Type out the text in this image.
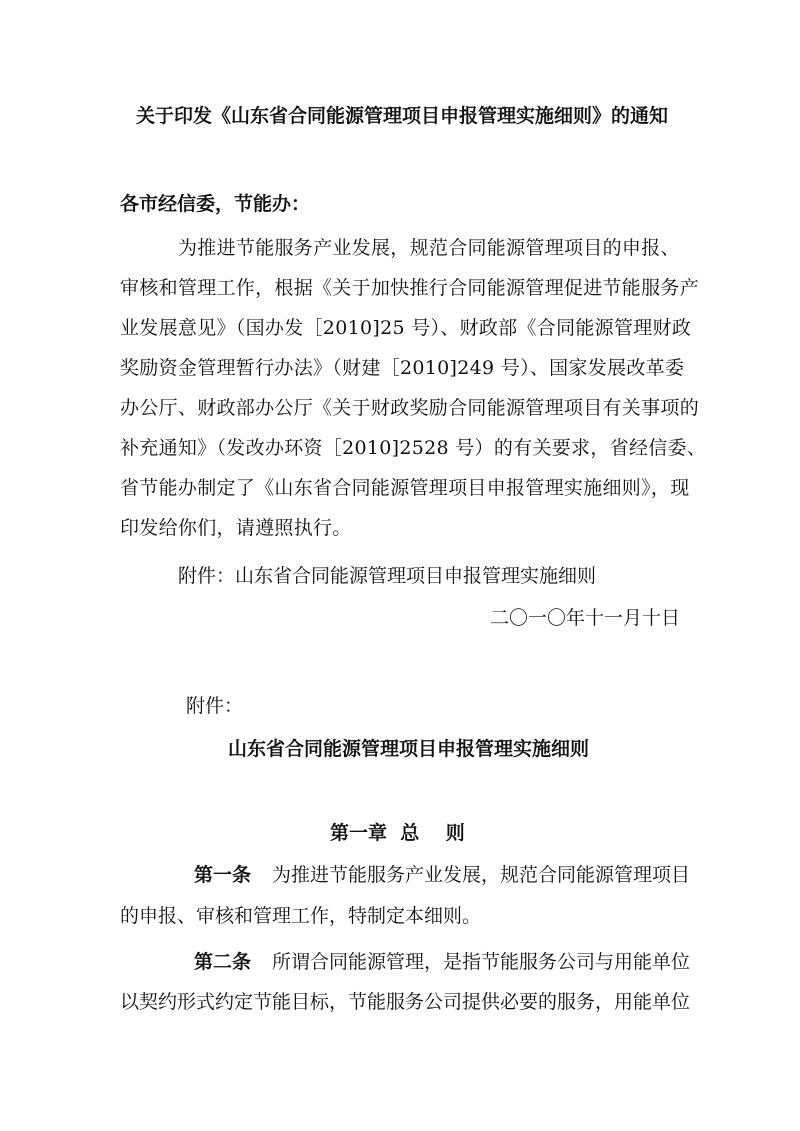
关于印发《山东省合同能源管理项目申报管理实施细则》的通知
各市经信委，节能办：
为推进节能服务产业发展，规范合同能源管理项目的申报、
审核和管理工作，根据《关于加快推行合同能源管理促进节能服务产
业发展意见》（国办发［2010]25 号）、财政部《合同能源管理财政
奖励资金管理暂行办法》（财建［2010]249 号）、国家发展改革委
办公厅、财政部办公厅《关于财政奖励合同能源管理项目有关事项的
补充通知》（发改办环资［2010]2528 号）的有关要求，省经信委、
省节能办制定了《山东省合同能源管理项目申报管理实施细则》，现
印发给你们，请遵照执行。
附件：山东省合同能源管理项目申报管理实施细则
二〇一〇年十一月十日
附件：
山东省合同能源管理项目申报管理实施细则
第一章  总    则
第一条 为推进节能服务产业发展，规范合同能源管理项目
的申报、审核和管理工作，特制定本细则。
第二条 所谓合同能源管理，是指节能服务公司与用能单位
以契约形式约定节能目标，节能服务公司提供必要的服务，用能单位
